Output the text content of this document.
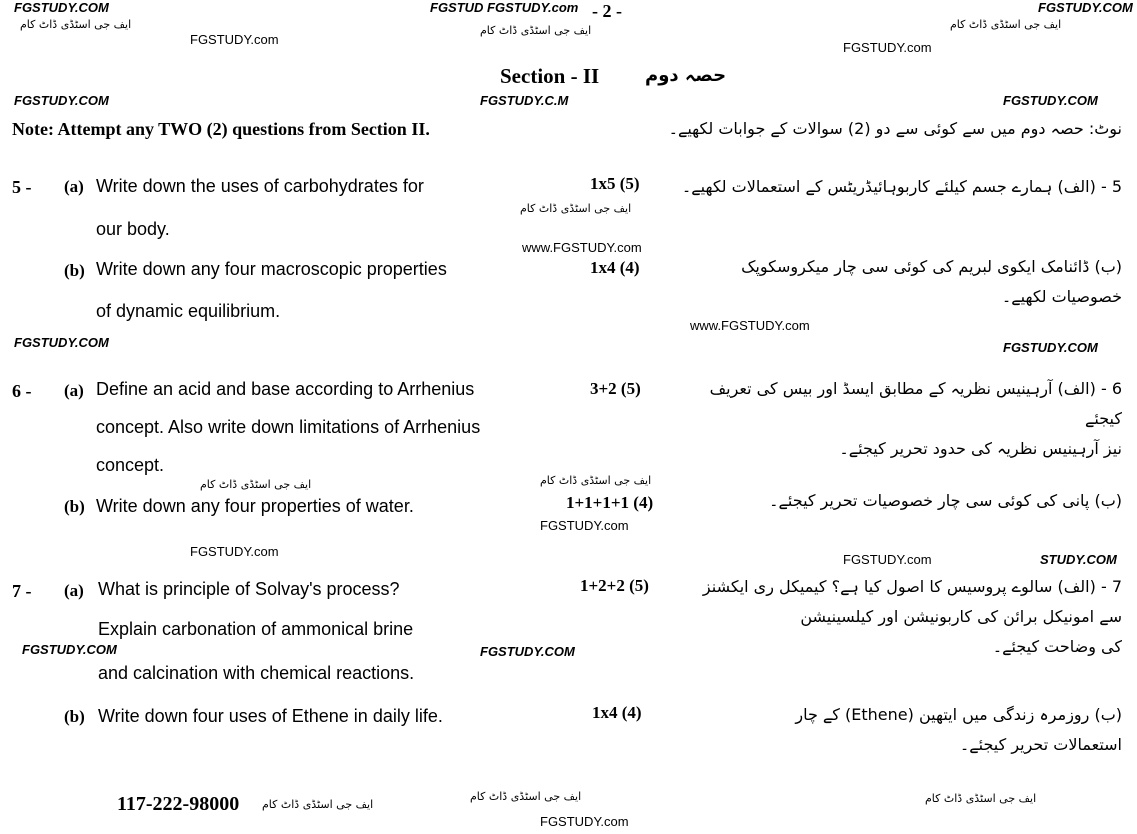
FGSTUDY.COM	FGSTUD FGSTUDY.com	FGSTUDY.COM
- 2 -
ایف جی اسٹڈی ڈاٹ کام	ایف جی اسٹڈی ڈاٹ کام	ایف جی اسٹڈی ڈاٹ کام
FGSTUDY.com
FGSTUDY.com
Section - II	حصہ دوم
FGSTUDY.COM	FGSTUDY.C.M	FGSTUDY.COM
Note: Attempt any TWO (2) questions from Section II.	نوٹ: حصہ دوم میں سے کوئی سے دو (2) سوالات کے جوابات لکھیے۔
5 - (a) Write down the uses of carbohydrates for
our body.
1x5 (5)	5 - (الف) ہمارے جسم کیلئے کاربوہائیڈریٹس کے استعمالات لکھیے۔
ایف جی اسٹڈی ڈاٹ کام
www.FGSTUDY.com
(b) Write down any four macroscopic properties
of dynamic equilibrium.
1x4 (4)	(ب) ڈائنامک ایکوی لبریم کی کوئی سی چار میکروسکوپک
خصوصیات لکھیے۔
www.FGSTUDY.com
FGSTUDY.COM	FGSTUDY.COM
6 - (a) Define an acid and base according to Arrhenius
concept. Also write down limitations of Arrhenius
concept.
3+2 (5)	6 - (الف) آرہینیس نظریہ کے مطابق ایسڈ اور بیس کی تعریف کیجئے
نیز آرہینیس نظریہ کی حدود تحریر کیجئے۔
ایف جی اسٹڈی ڈاٹ کام	ایف جی اسٹڈی ڈاٹ کام
(b) Write down any four properties of water.	1+1+1+1 (4)
FGSTUDY.com
(ب) پانی کی کوئی سی چار خصوصیات تحریر کیجئے۔
FGSTUDY.com
FGSTUDY.com	STUDY.COM
7 - (a) What is principle of Solvay's process?
Explain carbonation of ammonical brine
and calcination with chemical reactions.
1+2+2 (5)	7 - (الف) سالوے پروسیس کا اصول کیا ہے؟ کیمیکل ری ایکشنز
سے امونیکل برائن کی کاربونیشن اور کیلسینیشن
کی وضاحت کیجئے۔
FGSTUDY.COM	FGSTUDY.COM
(b) Write down four uses of Ethene in daily life.	1x4 (4)	(ب) روزمرہ زندگی میں ایتھین (Ethene) کے چار
استعمالات تحریر کیجئے۔
117-222-98000 ایف جی اسٹڈی ڈاٹ کام
ایف جی اسٹڈی ڈاٹ کام
FGSTUDY.com
ایف جی اسٹڈی ڈاٹ کام
